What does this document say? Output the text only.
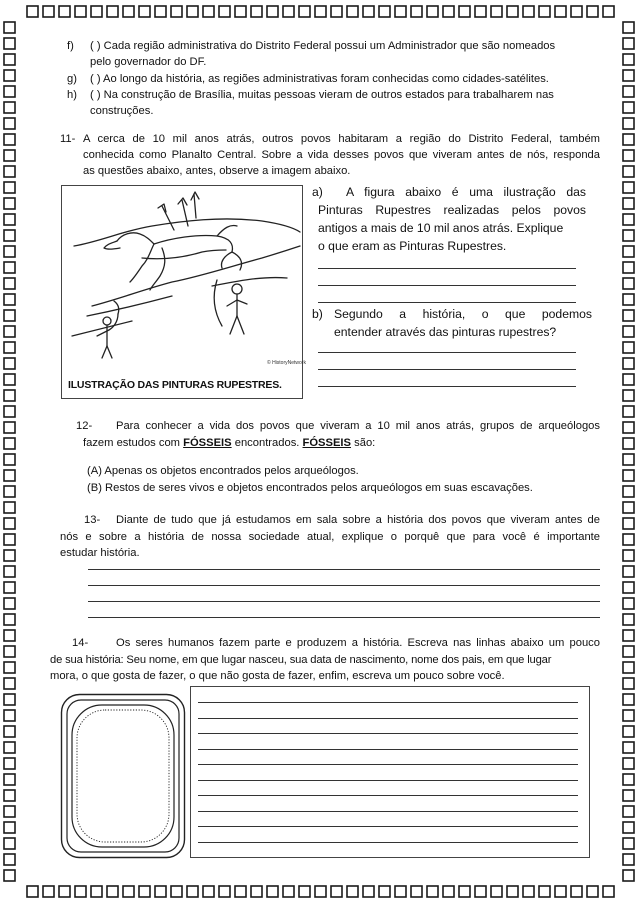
f) ( ) Cada região administrativa do Distrito Federal possui um Administrador que são nomeados
pelo governador do DF.
g) ( ) Ao longo da história, as regiões administrativas foram conhecidas como cidades-satélites.
h) ( ) Na construção de Brasília, muitas pessoas vieram de outros estados para trabalharem nas
construções.
11- A cerca de 10 mil anos atrás, outros povos habitaram a região do Distrito Federal, também
conhecida como Planalto Central. Sobre a vida desses povos que viveram antes de nós, responda
as questões abaixo, antes, observe a imagem abaixo.
© HistoryNetwork
ILUSTRAÇÃO DAS PINTURAS RUPESTRES.
a) A figura abaixo é uma ilustração das
Pinturas Rupestres realizadas pelos povos
antigos a mais de 10 mil anos atrás. Explique
o que eram as Pinturas Rupestres.
b) Segundo a história, o que podemos
entender através das pinturas rupestres?
12- Para conhecer a vida dos povos que viveram a 10 mil anos atrás, grupos de arqueólogos
fazem estudos com FÓSSEIS encontrados. FÓSSEIS são:
(A) Apenas os objetos encontrados pelos arqueólogos.
(B) Restos de seres vivos e objetos encontrados pelos arqueólogos em suas escavações.
13- Diante de tudo que já estudamos em sala sobre a história dos povos que viveram antes de
nós e sobre a história de nossa sociedade atual, explique o porquê que para você é importante
estudar história.
14- Os seres humanos fazem parte e produzem a história. Escreva nas linhas abaixo um pouco
de sua história: Seu nome, em que lugar nasceu, sua data de nascimento, nome dos pais, em que lugar
mora, o que gosta de fazer, o que não gosta de fazer, enfim, escreva um pouco sobre você.
